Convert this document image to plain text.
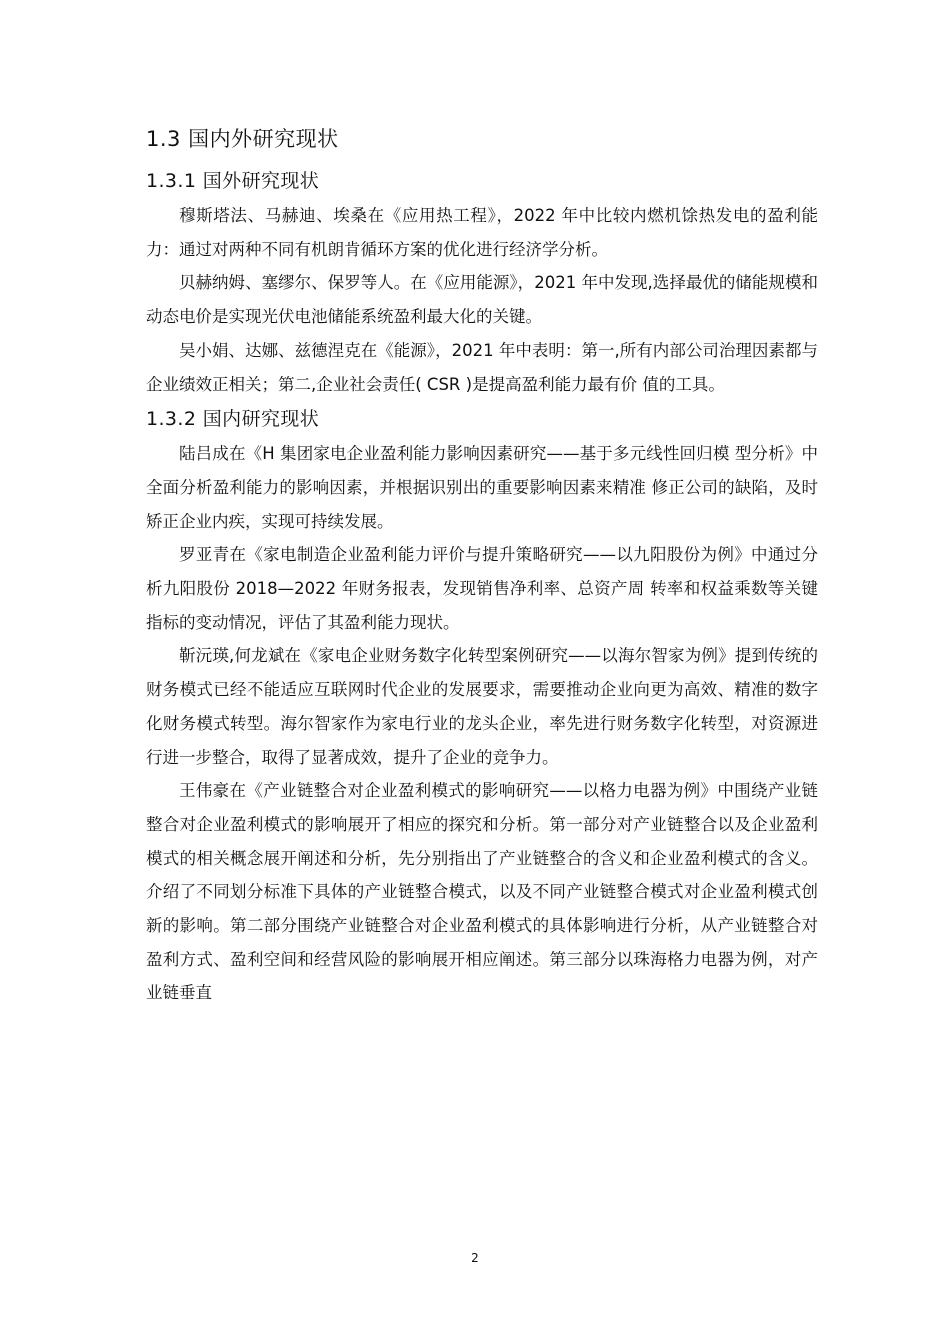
1.3 国内外研究现状
1.3.1 国外研究现状

穆斯塔法、马赫迪、埃桑在《应用热工程》，2022 年中比较内燃机馀热发电的盈利能力：通过对两种不同有机朗肯循环方案的优化进行经济学分析。

贝赫纳姆、塞缪尔、保罗等人。在《应用能源》，2021 年中发现,选择最优的储能规模和动态电价是实现光伏电池储能系统盈利最大化的关键。

吴小娟、达娜、兹德涅克在《能源》，2021 年中表明：第一,所有内部公司治理因素都与企业绩效正相关；第二,企业社会责任( CSR )是提高盈利能力最有价 值的工具。

1.3.2 国内研究现状

陆吕成在《H 集团家电企业盈利能力影响因素研究——基于多元线性回归模 型分析》中全面分析盈利能力的影响因素，并根据识别出的重要影响因素来精准 修正公司的缺陷，及时矫正企业内疾，实现可持续发展。

罗亚青在《家电制造企业盈利能力评价与提升策略研究——以九阳股份为例》中通过分析九阳股份 2018—2022 年财务报表，发现销售净利率、总资产周 转率和权益乘数等关键指标的变动情况，评估了其盈利能力现状。

靳沅瑛,何龙斌在《家电企业财务数字化转型案例研究——以海尔智家为例》提到传统的财务模式已经不能适应互联网时代企业的发展要求，需要推动企业向更为高效、精准的数字化财务模式转型。海尔智家作为家电行业的龙头企业，率先进行财务数字化转型，对资源进行进一步整合，取得了显著成效，提升了企业的竞争力。

王伟豪在《产业链整合对企业盈利模式的影响研究——以格力电器为例》中围绕产业链整合对企业盈利模式的影响展开了相应的探究和分析。第一部分对产业链整合以及企业盈利模式的相关概念展开阐述和分析，先分别指出了产业链整合的含义和企业盈利模式的含义。介绍了不同划分标准下具体的产业链整合模式，以及不同产业链整合模式对企业盈利模式创新的影响。第二部分围绕产业链整合对企业盈利模式的具体影响进行分析，从产业链整合对盈利方式、盈利空间和经营风险的影响展开相应阐述。第三部分以珠海格力电器为例，对产业链垂直

2
